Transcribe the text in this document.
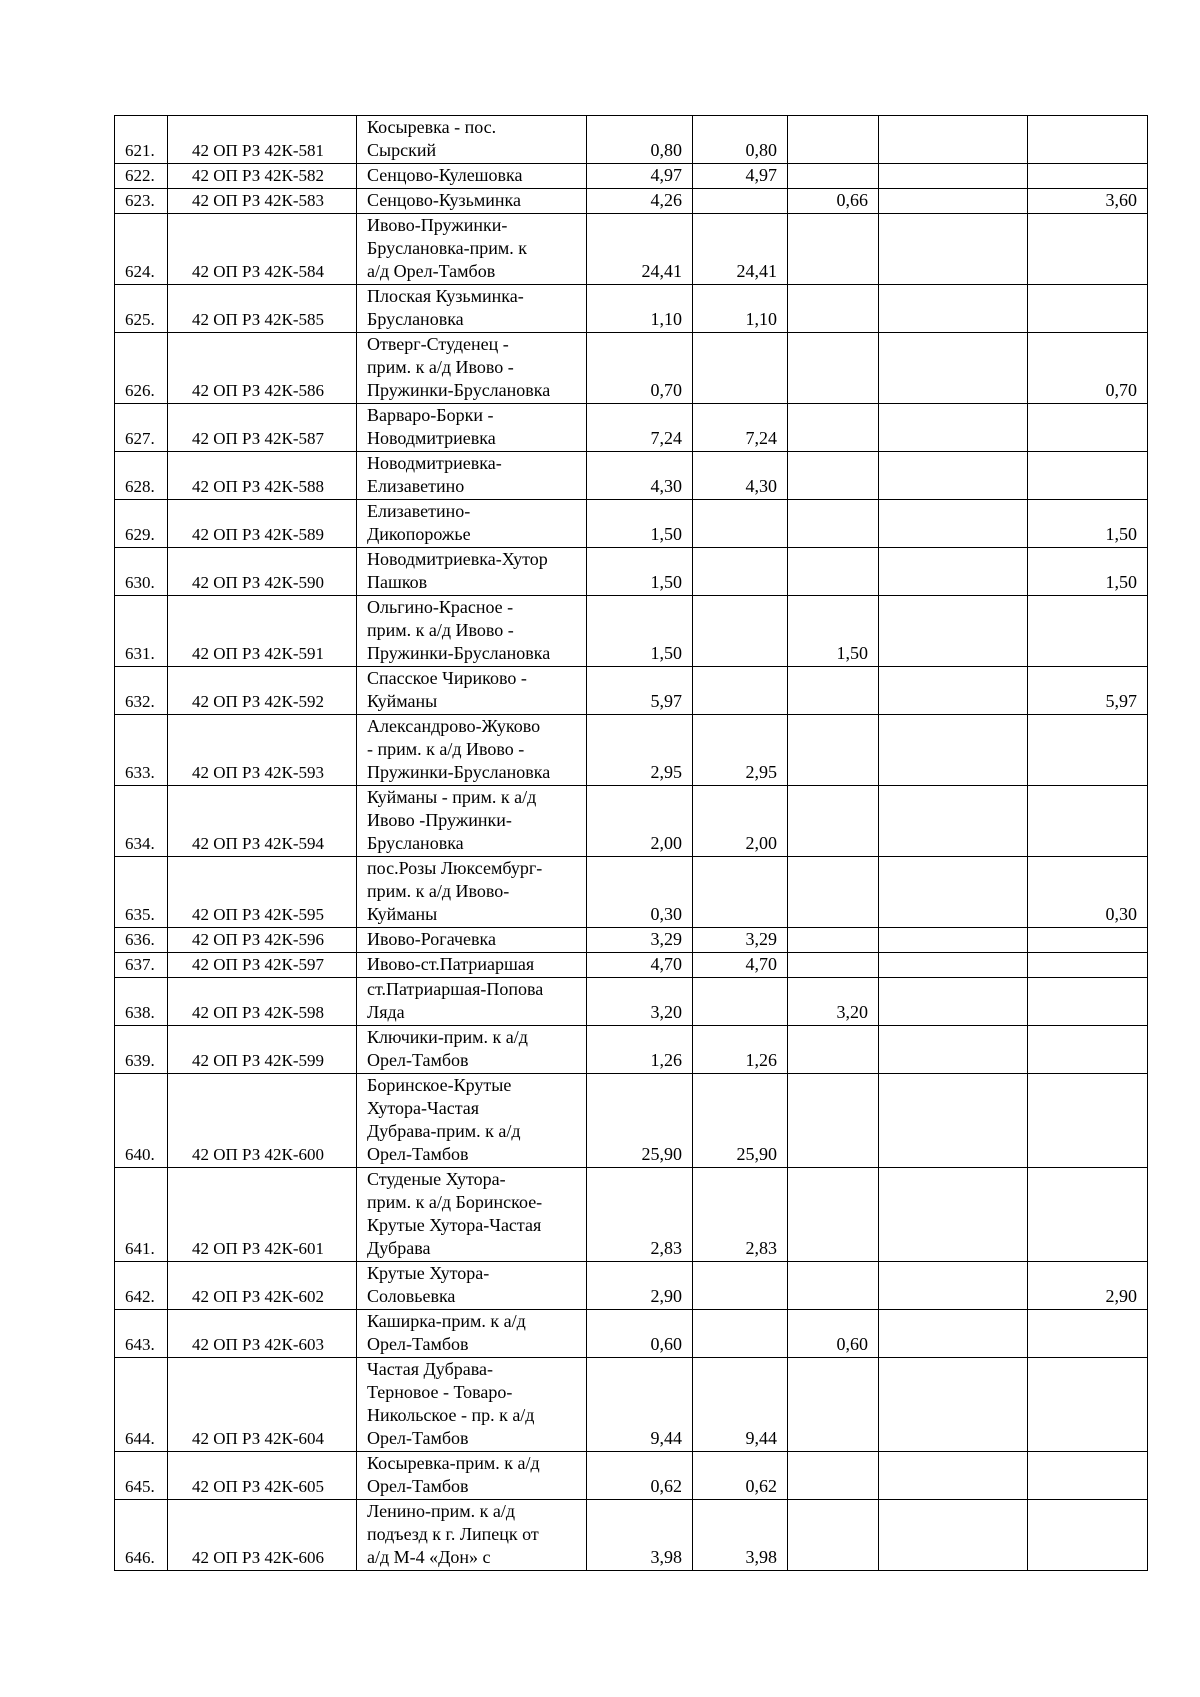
621.	42 ОП РЗ 42К-581	Косыревка - пос.
Сырский	0,80	0,80			
622.	42 ОП РЗ 42К-582	Сенцово-Кулешовка	4,97	4,97			
623.	42 ОП РЗ 42К-583	Сенцово-Кузьминка	4,26		0,66		3,60
624.	42 ОП РЗ 42К-584	Ивово-Пружинки-
Бруслановка-прим. к
а/д Орел-Тамбов	24,41	24,41			
625.	42 ОП РЗ 42К-585	Плоская Кузьминка-
Бруслановка	1,10	1,10			
626.	42 ОП РЗ 42К-586	Отверг-Студенец -
прим. к а/д Ивово -
Пружинки-Бруслановка	0,70				0,70
627.	42 ОП РЗ 42К-587	Варваро-Борки -
Новодмитриевка	7,24	7,24			
628.	42 ОП РЗ 42К-588	Новодмитриевка-
Елизаветино	4,30	4,30			
629.	42 ОП РЗ 42К-589	Елизаветино-
Дикопорожье	1,50				1,50
630.	42 ОП РЗ 42К-590	Новодмитриевка-Хутор
Пашков	1,50				1,50
631.	42 ОП РЗ 42К-591	Ольгино-Красное -
прим. к а/д Ивово -
Пружинки-Бруслановка	1,50		1,50		
632.	42 ОП РЗ 42К-592	Спасское Чириково -
Куйманы	5,97				5,97
633.	42 ОП РЗ 42К-593	Александрово-Жуково
- прим. к а/д Ивово -
Пружинки-Бруслановка	2,95	2,95			
634.	42 ОП РЗ 42К-594	Куйманы - прим. к а/д
Ивово -Пружинки-
Бруслановка	2,00	2,00			
635.	42 ОП РЗ 42К-595	пос.Розы Люксембург-
прим. к а/д Ивово-
Куйманы	0,30				0,30
636.	42 ОП РЗ 42К-596	Ивово-Рогачевка	3,29	3,29			
637.	42 ОП РЗ 42К-597	Ивово-ст.Патриаршая	4,70	4,70			
638.	42 ОП РЗ 42К-598	ст.Патриаршая-Попова
Ляда	3,20		3,20		
639.	42 ОП РЗ 42К-599	Ключики-прим. к а/д
Орел-Тамбов	1,26	1,26			
640.	42 ОП РЗ 42К-600	Боринское-Крутые
Хутора-Частая
Дубрава-прим. к а/д
Орел-Тамбов	25,90	25,90			
641.	42 ОП РЗ 42К-601	Студеные Хутора-
прим. к а/д Боринское-
Крутые Хутора-Частая
Дубрава	2,83	2,83			
642.	42 ОП РЗ 42К-602	Крутые Хутора-
Соловьевка	2,90				2,90
643.	42 ОП РЗ 42К-603	Каширка-прим. к а/д
Орел-Тамбов	0,60		0,60		
644.	42 ОП РЗ 42К-604	Частая Дубрава-
Терновое - Товаро-
Никольское - пр. к а/д
Орел-Тамбов	9,44	9,44			
645.	42 ОП РЗ 42К-605	Косыревка-прим. к а/д
Орел-Тамбов	0,62	0,62			
646.	42 ОП РЗ 42К-606	Ленино-прим. к а/д
подъезд к г. Липецк от
а/д М-4 «Дон» с	3,98	3,98			
